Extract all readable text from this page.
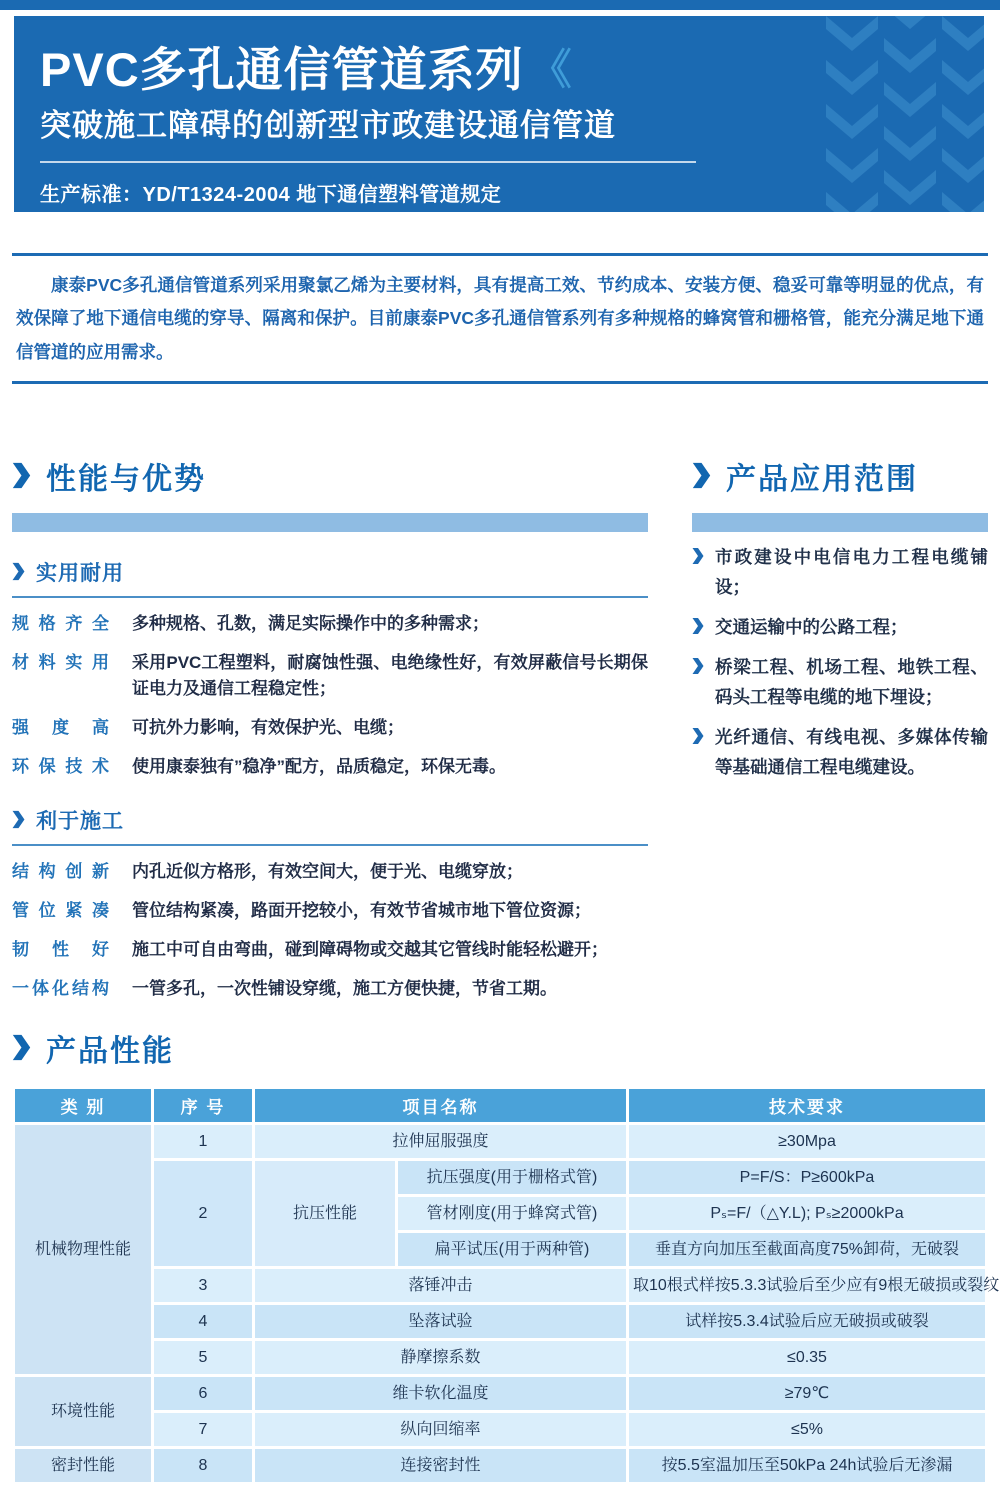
PVC多孔通信管道系列 《
突破施工障碍的创新型市政建设通信管道
生产标准：YD/T1324-2004 地下通信塑料管道规定

康泰PVC多孔通信管道系列采用聚氯乙烯为主要材料，具有提高工效、节约成本、安装方便、稳妥可靠等明显的优点，有效保障了地下通信电缆的穿导、隔离和保护。目前康泰PVC多孔通信管系列有多种规格的蜂窝管和栅格管，能充分满足地下通信管道的应用需求。

性能与优势
实用耐用
规格齐全 多种规格、孔数，满足实际操作中的多种需求；
材料实用 采用PVC工程塑料，耐腐蚀性强、电绝缘性好，有效屏蔽信号长期保证电力及通信工程稳定性；
强度高 可抗外力影响，有效保护光、电缆；
环保技术 使用康泰独有”稳净”配方，品质稳定，环保无毒。
利于施工
结构创新 内孔近似方格形，有效空间大，便于光、电缆穿放；
管位紧凑 管位结构紧凑，路面开挖较小，有效节省城市地下管位资源；
韧性好 施工中可自由弯曲，碰到障碍物或交越其它管线时能轻松避开；
一体化结构 一管多孔，一次性铺设穿缆，施工方便快捷，节省工期。
产品应用范围
市政建设中电信电力工程电缆铺设；
交通运输中的公路工程；
桥梁工程、机场工程、地铁工程、码头工程等电缆的地下埋设；
光纤通信、有线电视、多媒体传输等基础通信工程电缆建设。
产品性能
类 别	序 号	项目名称		技术要求
机械物理性能	1	拉伸屈服强度		≥30Mpa
	2	抗压性能	抗压强度(用于栅格式管)	P=F/S：P≥600kPa
			管材刚度(用于蜂窝式管)	Pₛ=F/（△Y.L); Pₛ≥2000kPa
			扁平试压(用于两种管)	垂直方向加压至截面高度75%卸荷，无破裂
	3	落锤冲击		取10根式样按5.3.3试验后至少应有9根无破损或裂纹
	4	坠落试验		试样按5.3.4试验后应无破损或破裂
	5	静摩擦系数		≤0.35
环境性能	6	维卡软化温度		≥79℃
	7	纵向回缩率		≤5%
密封性能	8	连接密封性		按5.5室温加压至50kPa 24h试验后无渗漏
